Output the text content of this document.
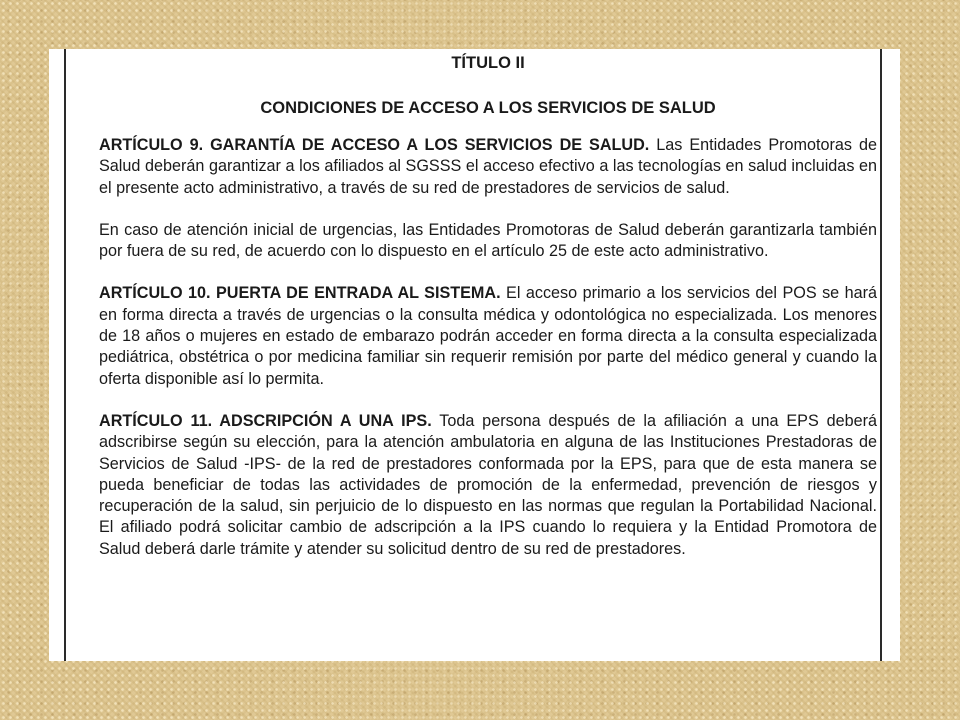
TÍTULO II
CONDICIONES DE ACCESO A LOS SERVICIOS DE SALUD

ARTÍCULO 9. GARANTÍA DE ACCESO A LOS SERVICIOS DE SALUD. Las Entidades Promotoras de Salud deberán garantizar a los afiliados al SGSSS el acceso efectivo a las tecnologías en salud incluidas en el presente acto administrativo, a través de su red de prestadores de servicios de salud.

En caso de atención inicial de urgencias, las Entidades Promotoras de Salud deberán garantizarla también por fuera de su red, de acuerdo con lo dispuesto en el artículo 25 de este acto administrativo.

ARTÍCULO 10. PUERTA DE ENTRADA AL SISTEMA. El acceso primario a los servicios del POS se hará en forma directa a través de urgencias o la consulta médica y odontológica no especializada. Los menores de 18 años o mujeres en estado de embarazo podrán acceder en forma directa a la consulta especializada pediátrica, obstétrica o por medicina familiar sin requerir remisión por parte del médico general y cuando la oferta disponible así lo permita.

ARTÍCULO 11. ADSCRIPCIÓN A UNA IPS. Toda persona después de la afiliación a una EPS deberá adscribirse según su elección, para la atención ambulatoria en alguna de las Instituciones Prestadoras de Servicios de Salud -IPS- de la red de prestadores conformada por la EPS, para que de esta manera se pueda beneficiar de todas las actividades de promoción de la enfermedad, prevención de riesgos y recuperación de la salud, sin perjuicio de lo dispuesto en las normas que regulan la Portabilidad Nacional. El afiliado podrá solicitar cambio de adscripción a la IPS cuando lo requiera y la Entidad Promotora de Salud deberá darle trámite y atender su solicitud dentro de su red de prestadores.
